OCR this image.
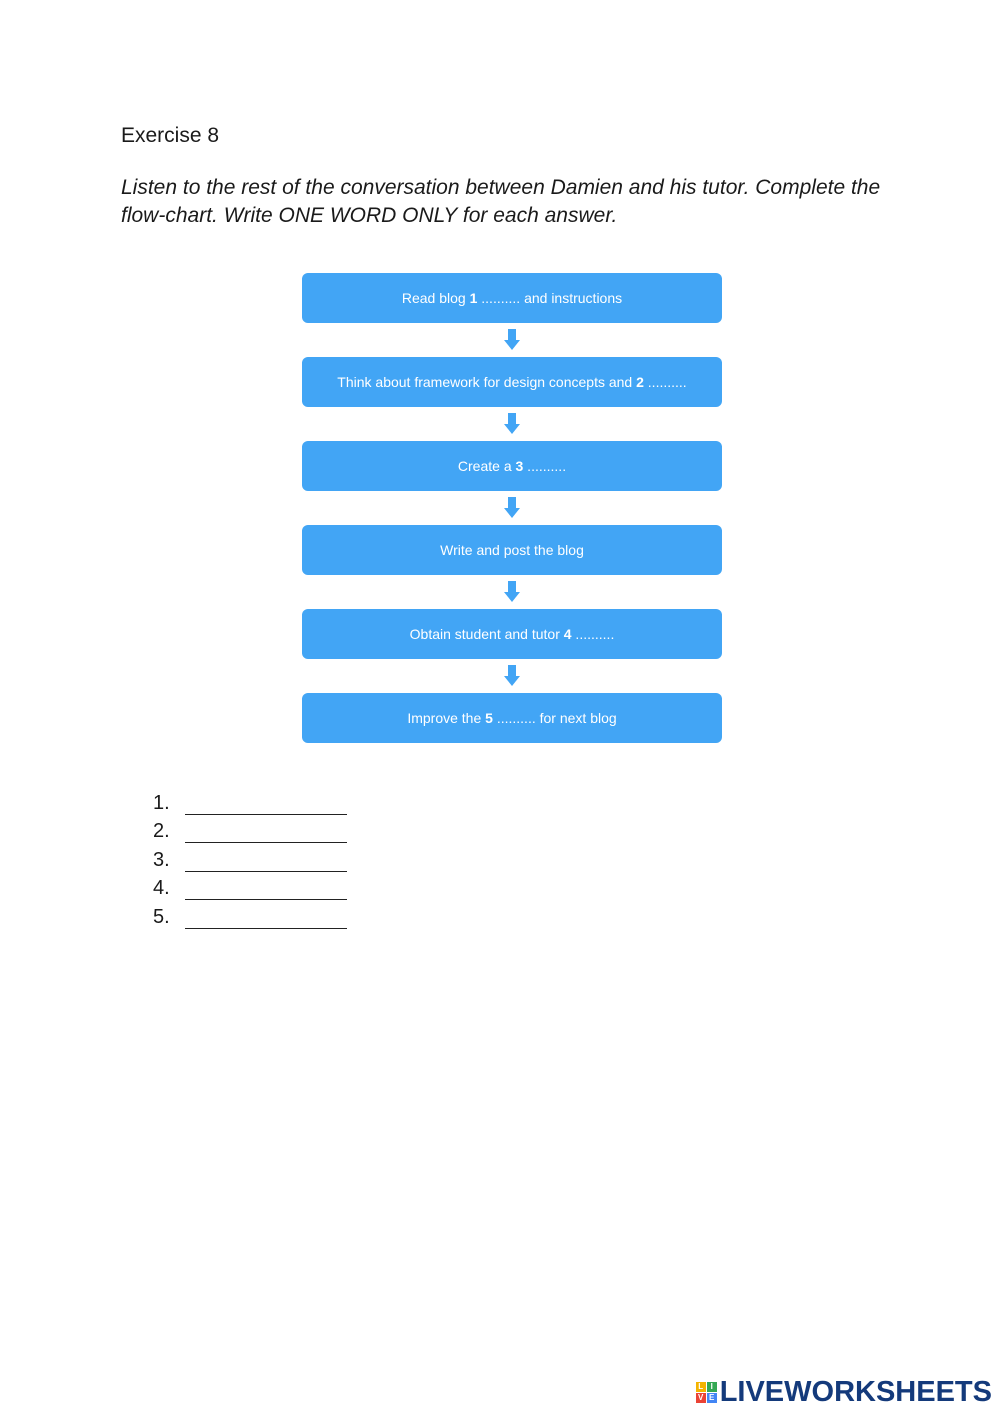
Exercise 8
Listen to the rest of the conversation between Damien and his tutor. Complete the flow-chart. Write ONE WORD ONLY for each answer.
Read blog 1 .......... and instructions
Think about framework for design concepts and 2 ..........
Create a 3 ..........
Write and post the blog
Obtain student and tutor 4 ..........
Improve the 5 .......... for next blog
1.
2.
3.
4.
5.
L I
V E LIVEWORKSHEETS
